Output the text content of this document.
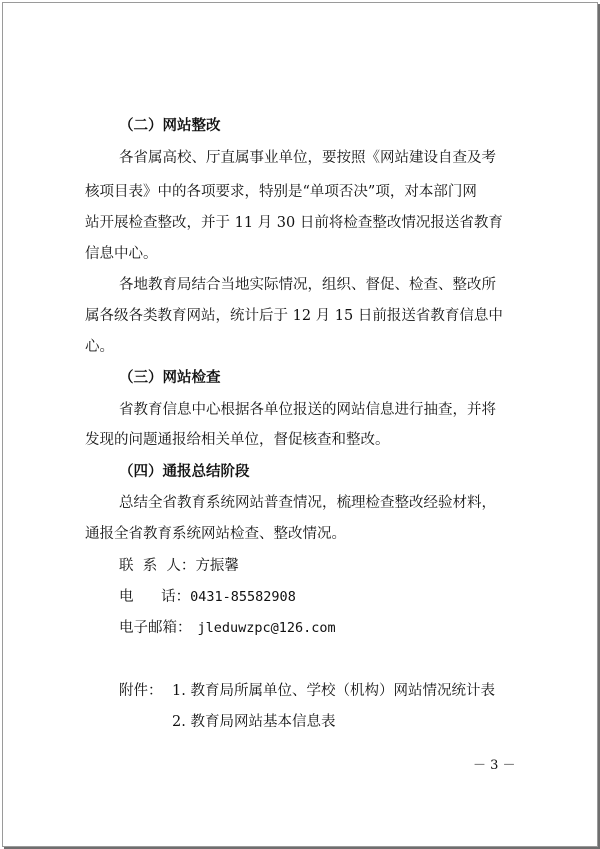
（二）网站整改
各省属高校、厅直属事业单位，要按照《网站建设自查及考
核项目表》中的各项要求，特别是“单项否决”项，对本部门网
站开展检查整改，并于 11 月 30 日前将检查整改情况报送省教育
信息中心。
各地教育局结合当地实际情况，组织、督促、检查、整改所
属各级各类教育网站，统计后于 12 月 15 日前报送省教育信息中
心。
（三）网站检查
省教育信息中心根据各单位报送的网站信息进行抽查，并将
发现的问题通报给相关单位，督促核查和整改。
（四）通报总结阶段
总结全省教育系统网站普查情况，梳理检查整改经验材料，
通报全省教育系统网站检查、整改情况。
联  系  人：方振馨
电      话：0431-85582908
电子邮箱： jleduwzpc@126.com
附件： 1. 教育局所属单位、学校（机构）网站情况统计表
2. 教育局网站基本信息表
－ 3 －
